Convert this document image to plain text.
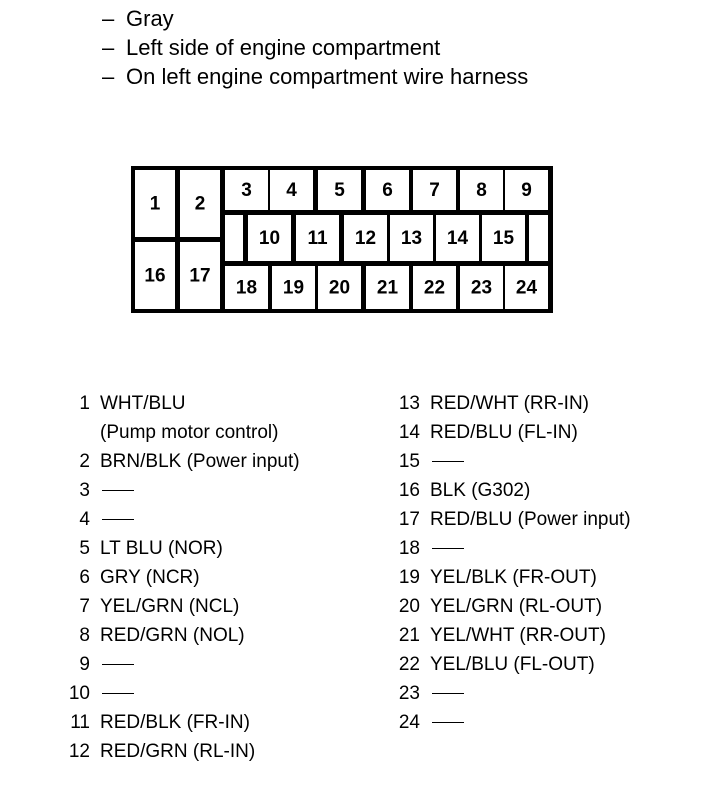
– Gray
– Left side of engine compartment
– On left engine compartment wire harness
1 2
16 17
3 4 5 6 7 8 9
10 11 12 13 14 15
18 19 20 21 22 23 24
1 WHT/BLU
(Pump motor control)
2 BRN/BLK (Power input)
3
4
5 LT BLU (NOR)
6 GRY (NCR)
7 YEL/GRN (NCL)
8 RED/GRN (NOL)
9
10
11 RED/BLK (FR-IN)
12 RED/GRN (RL-IN)
13 RED/WHT (RR-IN)
14 RED/BLU (FL-IN)
15
16 BLK (G302)
17 RED/BLU (Power input)
18
19 YEL/BLK (FR-OUT)
20 YEL/GRN (RL-OUT)
21 YEL/WHT (RR-OUT)
22 YEL/BLU (FL-OUT)
23
24
